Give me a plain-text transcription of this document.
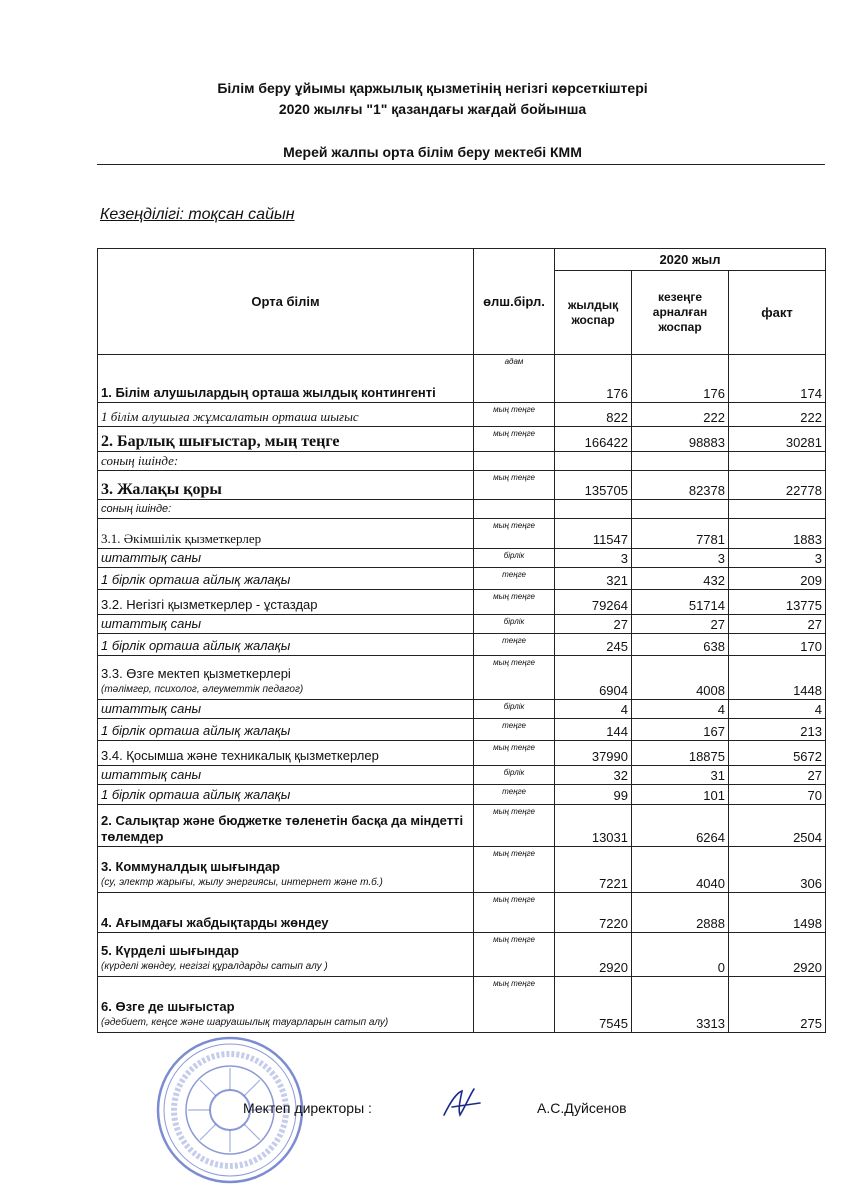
Білім беру ұйымы қаржылық қызметінің негізгі көрсеткіштері
2020 жылғы "1" қазандағы жағдай бойынша
Мерей жалпы орта білім беру мектебі КММ
Кезеңділігі: тоқсан сайын
Орта білім	өлш.бірл.	2020 жыл		
		жылдық жоспар	кезеңге арналған жоспар	факт
1. Білім алушылардың орташа жылдық контингенті	адам	176	176	174
1 білім алушыға жұмсалатын орташа шығыс	мың теңге	822	222	222
2. Барлық шығыстар, мың теңге	мың теңге	166422	98883	30281
соның ішінде:				
3. Жалақы қоры	мың теңге	135705	82378	22778
соның ішінде:				
3.1. Әкімшілік қызметкерлер	мың теңге	11547	7781	1883
штаттық саны	бірлік	3	3	3
1 бірлік орташа айлық жалақы	теңге	321	432	209
3.2. Негізгі қызметкерлер - ұстаздар	мың теңге	79264	51714	13775
штаттық саны	бірлік	27	27	27
1 бірлік орташа айлық жалақы	теңге	245	638	170
3.3. Өзге мектеп қызметкерлері
(тәлімгер, психолог, әлеуметтік педагог)	мың теңге	6904	4008	1448
штаттық саны	бірлік	4	4	4
1 бірлік орташа айлық жалақы	теңге	144	167	213
3.4. Қосымша және техникалық қызметкерлер	мың теңге	37990	18875	5672
штаттық саны	бірлік	32	31	27
1 бірлік орташа айлық жалақы	теңге	99	101	70
2. Салықтар және бюджетке төленетін басқа да міндетті төлемдер	мың теңге	13031	6264	2504
3. Коммуналдық шығындар
(су, электр жарығы, жылу энергиясы, интернет және т.б.)	мың теңге	7221	4040	306
4. Ағымдағы жабдықтарды жөндеу	мың теңге	7220	2888	1498
5. Күрделі шығындар
(күрделі жөндеу, негізгі құралдарды сатып алу )	мың теңге	2920	0	2920
6. Өзге де шығыстар
(әдебиет, кеңсе және шаруашылық тауарларын сатып алу)	мың теңге	7545	3313	275
Мектеп директоры :	А.С.Дуйсенов
